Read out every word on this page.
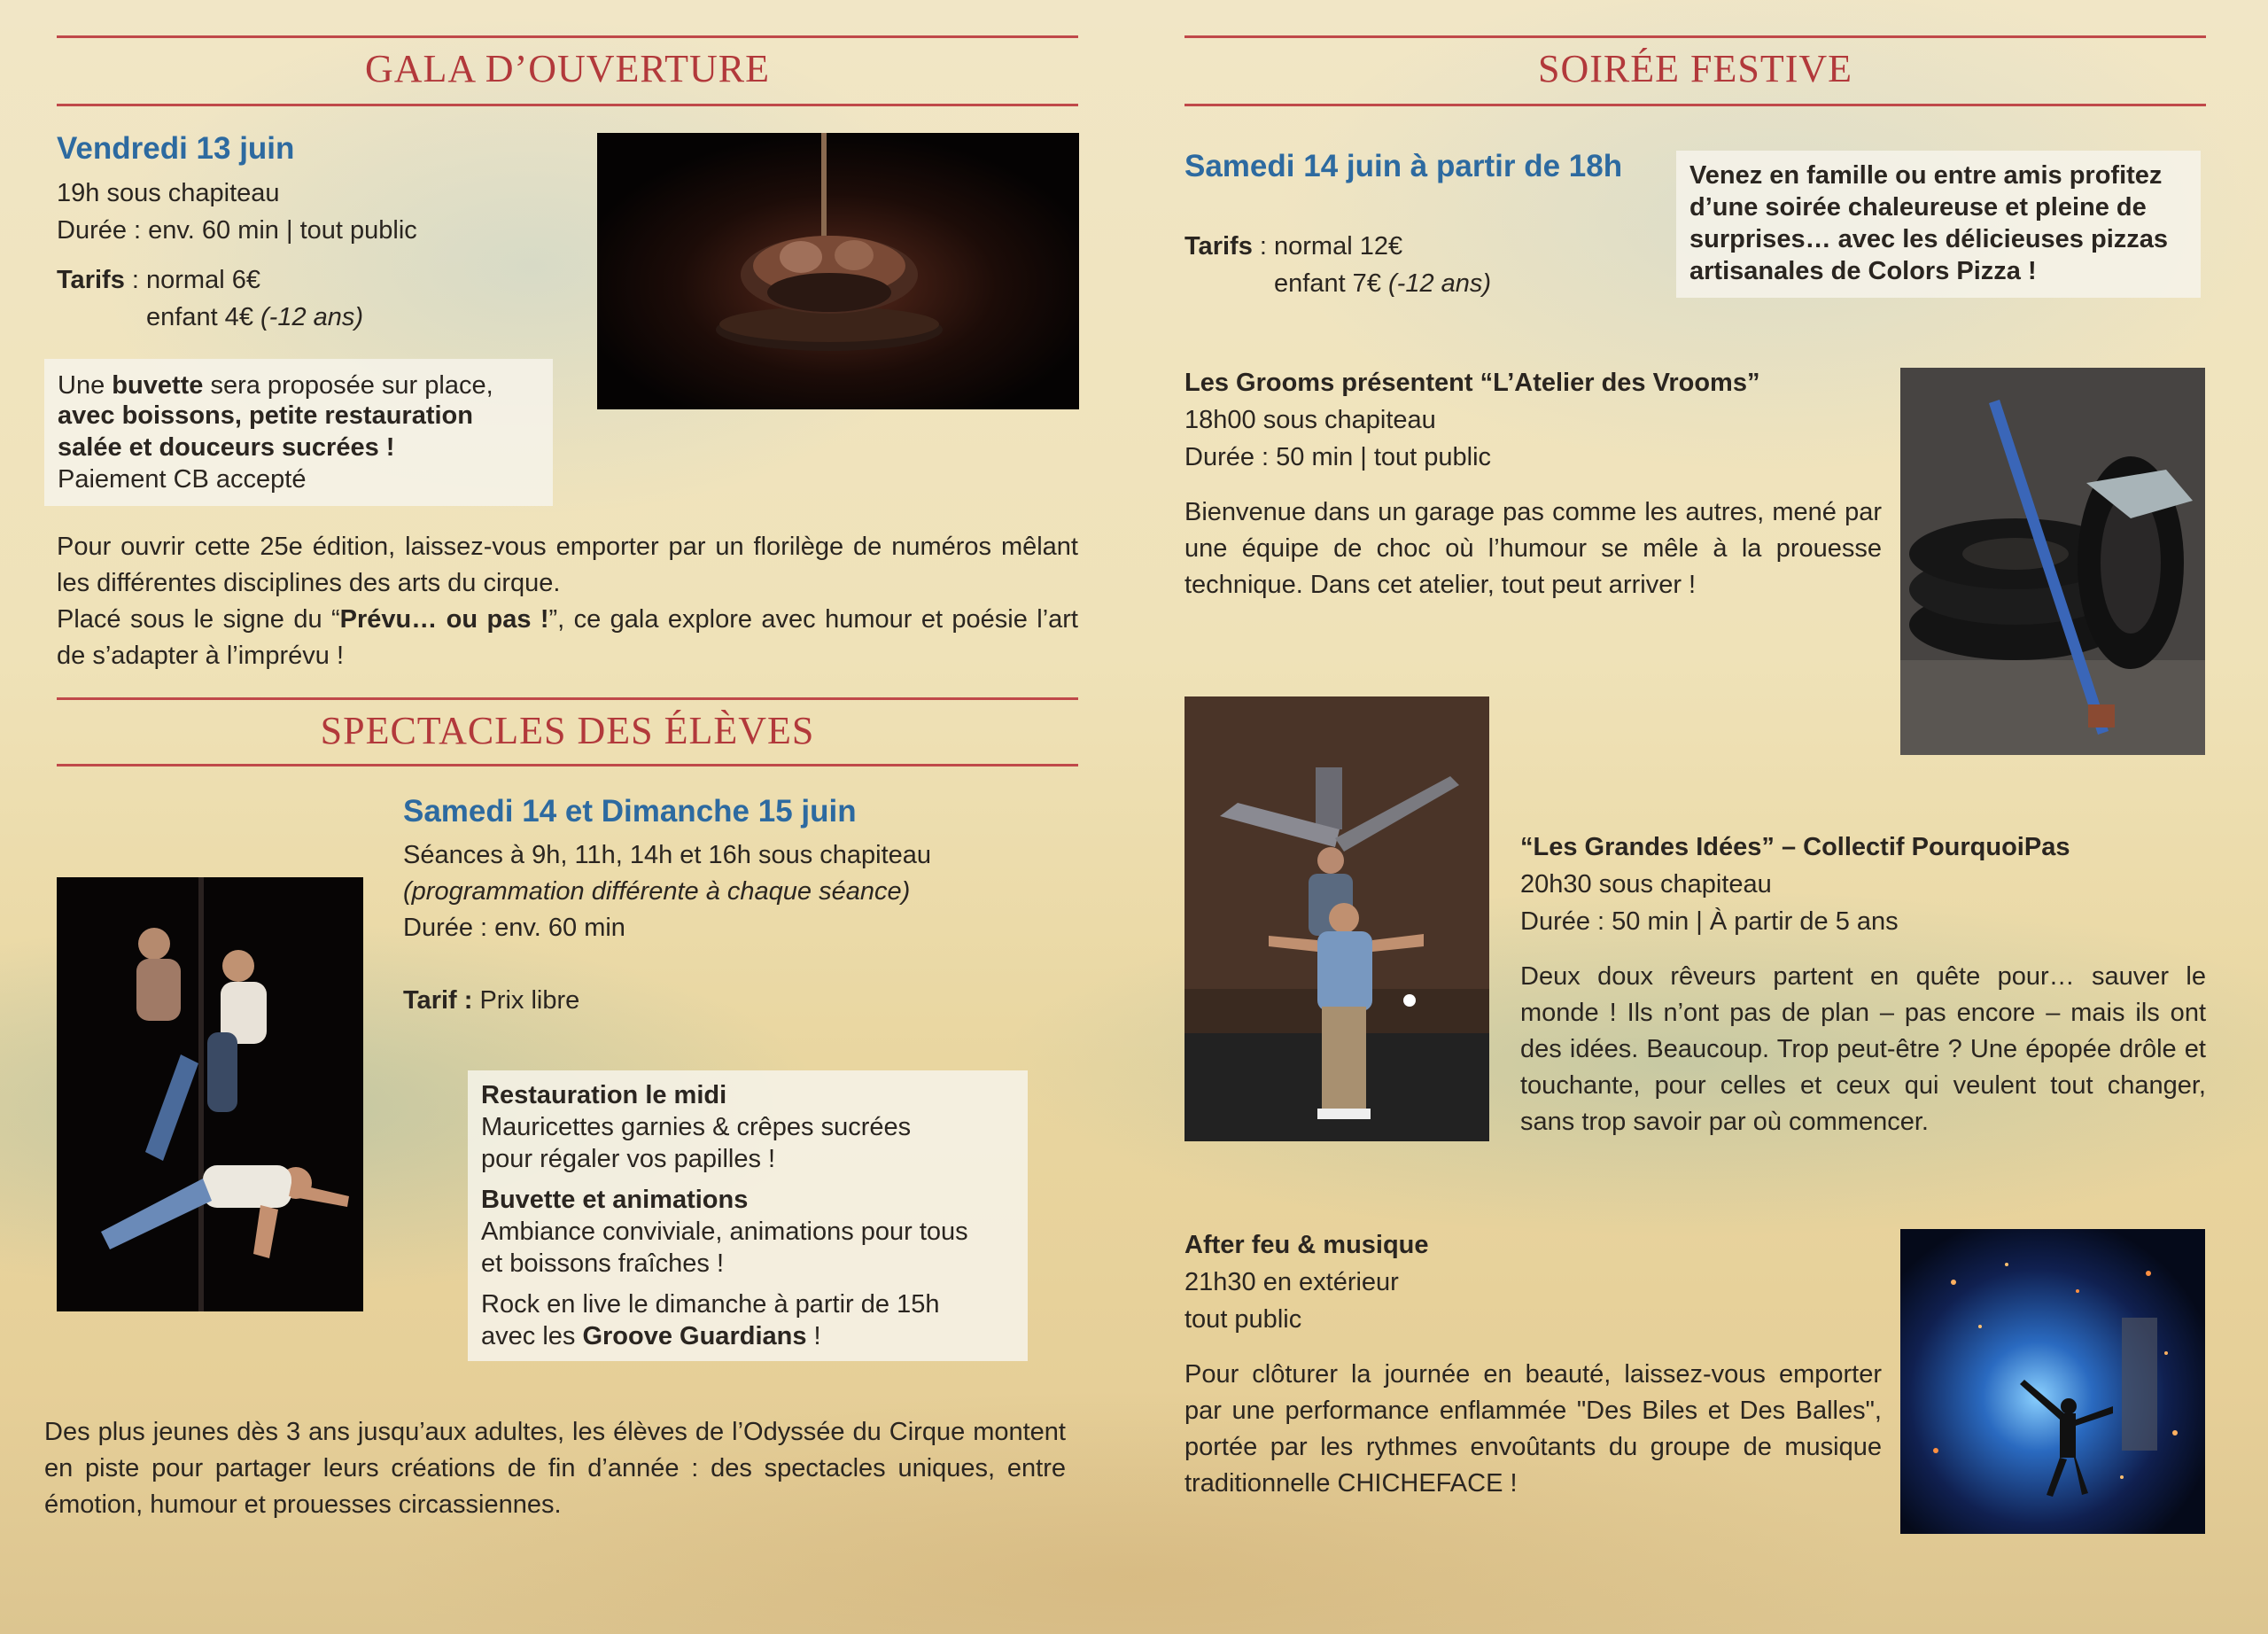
GALA D’OUVERTURE
Vendredi 13 juin
19h sous chapiteau
Durée : env. 60 min | tout public
Tarifs : normal 6€
enfant 4€ (-12 ans)
Une buvette sera proposée sur place,
avec boissons, petite restauration
salée et douceurs sucrées !
Paiement CB accepté
Pour ouvrir cette 25e édition, laissez-vous emporter par un florilège de numéros mêlant les différentes disciplines des arts du cirque.
Placé sous le signe du “Prévu… ou pas !”, ce gala explore avec humour et poésie l’art de s’adapter à l’imprévu !
SPECTACLES DES ÉLÈVES
Samedi 14 et Dimanche 15 juin
Séances à 9h, 11h, 14h et 16h sous chapiteau
(programmation différente à chaque séance)
Durée : env. 60 min
Tarif : Prix libre
Restauration le midi
Mauricettes garnies & crêpes sucrées
pour régaler vos papilles !
Buvette et animations
Ambiance conviviale, animations pour tous
et boissons fraîches !
Rock en live le dimanche à partir de 15h
avec les Groove Guardians !
Des plus jeunes dès 3 ans jusqu’aux adultes, les élèves de l’Odyssée du Cirque montent en piste pour partager leurs créations de fin d’année : des spectacles uniques, entre émotion, humour et prouesses circassiennes.
SOIRÉE FESTIVE
Samedi 14 juin à partir de 18h
Tarifs : normal 12€
enfant 7€ (-12 ans)
Venez en famille ou entre amis profitez
d’une soirée chaleureuse et pleine de
surprises… avec les délicieuses pizzas
artisanales de Colors Pizza !
Les Grooms présentent “L’Atelier des Vrooms”
18h00 sous chapiteau
Durée : 50 min | tout public
Bienvenue dans un garage pas comme les autres, mené par une équipe de choc où l’humour se mêle à la prouesse technique. Dans cet atelier, tout peut arriver !
“Les Grandes Idées” – Collectif PourquoiPas
20h30 sous chapiteau
Durée : 50 min | À partir de 5 ans
Deux doux rêveurs partent en quête pour… sauver le monde ! Ils n’ont pas de plan – pas encore – mais ils ont des idées. Beaucoup. Trop peut-être ? Une épopée drôle et touchante, pour celles et ceux qui veulent tout changer, sans trop savoir par où commencer.
After feu & musique
21h30 en extérieur
tout public
Pour clôturer la journée en beauté, laissez-vous emporter par une performance enflammée "Des Biles et Des Balles", portée par les rythmes envoûtants du groupe de musique traditionnelle CHICHEFACE !
